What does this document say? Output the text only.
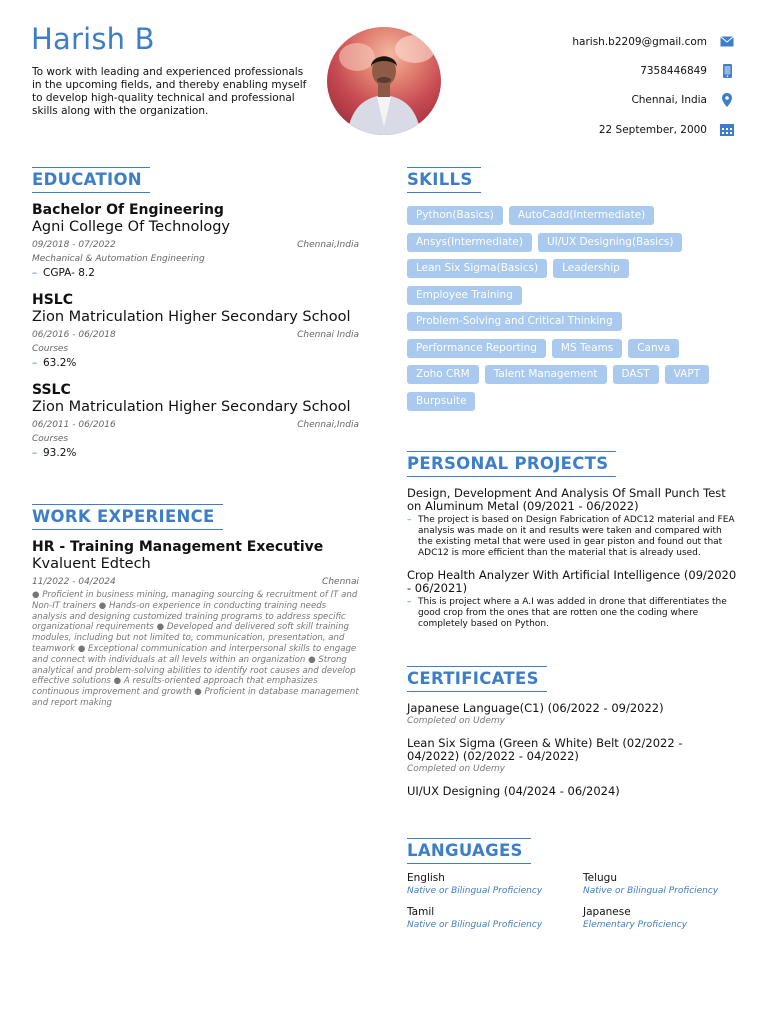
Harish B
To work with leading and experienced professionals in the upcoming fields, and thereby enabling myself to develop high-quality technical and professional skills along with the organization.
harish.b2209@gmail.com
7358446849
Chennai, India
22 September, 2000
EDUCATION
Bachelor Of Engineering
Agni College Of Technology
09/2018 - 07/2022	Chennai,India
Mechanical & Automation Engineering
– CGPA- 8.2
HSLC
Zion Matriculation Higher Secondary School
06/2016 - 06/2018	Chennai India
Courses
– 63.2%
SSLC
Zion Matriculation Higher Secondary School
06/2011 - 06/2016	Chennai,India
Courses
– 93.2%
WORK EXPERIENCE
HR - Training Management Executive
Kvaluent Edtech
11/2022 - 04/2024	Chennai
● Proficient in business mining, managing sourcing & recruitment of IT and Non-IT trainers ● Hands-on experience in conducting training needs analysis and designing customized training programs to address specific organizational requirements ● Developed and delivered soft skill training modules, including but not limited to, communication, presentation, and teamwork ● Exceptional communication and interpersonal skills to engage and connect with individuals at all levels within an organization ● Strong analytical and problem-solving abilities to identify root causes and develop effective solutions ● A results-oriented approach that emphasizes continuous improvement and growth ● Proficient in database management and report making
SKILLS
Python(Basics)	AutoCadd(Intermediate)
Ansys(Intermediate)	UI/UX Designing(Basics)
Lean Six Sigma(Basics)	Leadership
Employee Training
Problem-Solving and Critical Thinking
Performance Reporting	MS Teams	Canva
Zoho CRM	Talent Management	DAST	VAPT
Burpsuite
PERSONAL PROJECTS
Design, Development And Analysis Of Small Punch Test on Aluminum Metal (09/2021 - 06/2022)
– The project is based on Design Fabrication of ADC12 material and FEA analysis was made on it and results were taken and compared with the existing metal that were used in gear piston and found out that ADC12 is more efficient than the material that is already used.
Crop Health Analyzer With Artificial Intelligence (09/2020 - 06/2021)
– This is project where a A.I was added in drone that differentiates the good crop from the ones that are rotten one the coding where completely based on Python.
CERTIFICATES
Japanese Language(C1) (06/2022 - 09/2022)
Completed on Udemy
Lean Six Sigma (Green & White) Belt (02/2022 - 04/2022) (02/2022 - 04/2022)
Completed on Udemy
UI/UX Designing (04/2024 - 06/2024)
LANGUAGES
English
Native or Bilingual Proficiency
Telugu
Native or Bilingual Proficiency
Tamil
Native or Bilingual Proficiency
Japanese
Elementary Proficiency
